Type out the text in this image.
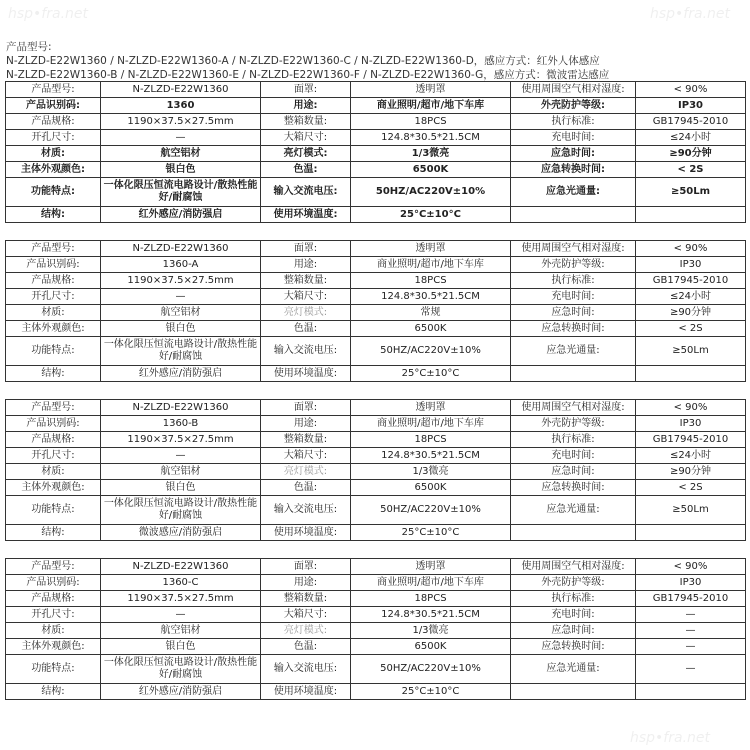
产品型号:
N-ZLZD-E22W1360 / N-ZLZD-E22W1360-A / N-ZLZD-E22W1360-C / N-ZLZD-E22W1360-D，感应方式：红外人体感应
N-ZLZD-E22W1360-B / N-ZLZD-E22W1360-E / N-ZLZD-E22W1360-F / N-ZLZD-E22W1360-G，感应方式：微波雷达感应
hsp•fra.net	hsp•fra.net
hsp•fra.net
产品型号:	N-ZLZD-E22W1360	面罩:	透明罩	使用周围空气相对湿度:	< 90%
产品识别码:	1360	用途:	商业照明/超市/地下车库	外壳防护等级:	IP30
产品规格:	1190×37.5×27.5mm	整箱数量:	18PCS	执行标准:	GB17945-2010
开孔尺寸:	—	大箱尺寸:	124.8*30.5*21.5CM	充电时间:	≤24小时
材质:	航空铝材	亮灯模式:	1/3微亮	应急时间:	≥90分钟
主体外观颜色:	银白色	色温:	6500K	应急转换时间:	< 2S
功能特点:	一体化限压恒流电路设计/散热性能好/耐腐蚀	输入交流电压:	50HZ/AC220V±10%	应急光通量:	≥50Lm
结构:	红外感应/消防强启	使用环境温度:	25°C±10°C		
产品型号:	N-ZLZD-E22W1360	面罩:	透明罩	使用周围空气相对湿度:	< 90%
产品识别码:	1360-A	用途:	商业照明/超市/地下车库	外壳防护等级:	IP30
产品规格:	1190×37.5×27.5mm	整箱数量:	18PCS	执行标准:	GB17945-2010
开孔尺寸:	—	大箱尺寸:	124.8*30.5*21.5CM	充电时间:	≤24小时
材质:	航空铝材	亮灯模式:	常规	应急时间:	≥90分钟
主体外观颜色:	银白色	色温:	6500K	应急转换时间:	< 2S
功能特点:	一体化限压恒流电路设计/散热性能好/耐腐蚀	输入交流电压:	50HZ/AC220V±10%	应急光通量:	≥50Lm
结构:	红外感应/消防强启	使用环境温度:	25°C±10°C		
产品型号:	N-ZLZD-E22W1360	面罩:	透明罩	使用周围空气相对湿度:	< 90%
产品识别码:	1360-B	用途:	商业照明/超市/地下车库	外壳防护等级:	IP30
产品规格:	1190×37.5×27.5mm	整箱数量:	18PCS	执行标准:	GB17945-2010
开孔尺寸:	—	大箱尺寸:	124.8*30.5*21.5CM	充电时间:	≤24小时
材质:	航空铝材	亮灯模式:	1/3微亮	应急时间:	≥90分钟
主体外观颜色:	银白色	色温:	6500K	应急转换时间:	< 2S
功能特点:	一体化限压恒流电路设计/散热性能好/耐腐蚀	输入交流电压:	50HZ/AC220V±10%	应急光通量:	≥50Lm
结构:	微波感应/消防强启	使用环境温度:	25°C±10°C		
产品型号:	N-ZLZD-E22W1360	面罩:	透明罩	使用周围空气相对湿度:	< 90%
产品识别码:	1360-C	用途:	商业照明/超市/地下车库	外壳防护等级:	IP30
产品规格:	1190×37.5×27.5mm	整箱数量:	18PCS	执行标准:	GB17945-2010
开孔尺寸:	—	大箱尺寸:	124.8*30.5*21.5CM	充电时间:	—
材质:	航空铝材	亮灯模式:	1/3微亮	应急时间:	—
主体外观颜色:	银白色	色温:	6500K	应急转换时间:	—
功能特点:	一体化限压恒流电路设计/散热性能好/耐腐蚀	输入交流电压:	50HZ/AC220V±10%	应急光通量:	—
结构:	红外感应/消防强启	使用环境温度:	25°C±10°C		
